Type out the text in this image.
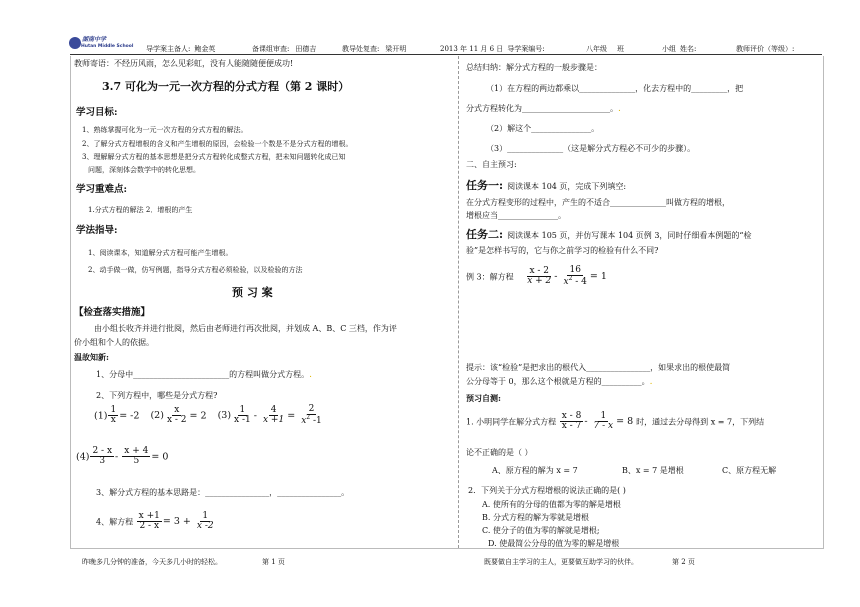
湖南中学
Hutan Middle School 导学案主备人: 鲍金英	备课组审查: 田德吉	教导处复查: 梁开明	2013 年 11 月 6 日 导学案编号:	八年级 班	小组 姓名:	教师评价（等级）:
教师寄语：不经历风雨，怎么见彩虹，没有人能随随便便成功!
3.7 可化为一元一次方程的分式方程（第 2 课时）
学习目标:
1、熟练掌握可化为一元一次方程的分式方程的解法。
2、了解分式方程增根的含义和产生增根的原因，会检验一个数是不是分式方程的增根。
3、理解解分式方程的基本思想是把分式方程转化成整式方程，把未知问题转化成已知
问题，深刻体会数学中的转化思想。
学习重难点:
1.分式方程的解法 2．增根的产生
学法指导:
1、阅读课本，知道解分式方程可能产生增根。
2、动手做一做，仿写例题，指导分式方程必须检验，以及检验的方法
预 习 案
【检查落实措施】
由小组长收齐并进行批阅，然后由老师进行再次批阅，并划成 A、B、C 三档，作为评
价小组和个人的依据。
温故知新:
1、分母中________________________的方程叫做分式方程。.
2、下列方程中，哪些是分式方程?
$(1) \frac{1}{x} = -2$ $(2) \frac{x}{x - 2} = 2$ $(3) \frac{1}{x -1} - \frac{4}{x +1} = \frac{2}{x^2 -1}$
$(4) \frac{2 - x}{3} - \frac{x + 4}{5} = 0$
3、解分式方程的基本思路是：________________，________________。
4、解方程 $\frac{x +1}{2 - x} = 3 + \frac{1}{x -2}$
昨晚多几分钟的准备，今天多几小时的轻松。	第 1 页
总结归纳：解分式方程的一般步骤是：
（1）在方程的两边都乘以______________，化去方程中的_________，把
分式方程转化为______________________。.
（2）解这个_______________。
（3）______________（这是解分式方程必不可少的步骤）。
二、自主预习:
任务一: 阅读课本 104 页，完成下列填空:
在分式方程变形的过程中，产生的不适合______________叫做方程的增根，
增根应当_______________。
任务二: 阅读课本 105 页，并仿写课本 104 页例 3，同时仔细看本例题的“检
验”是怎样书写的，它与你之前学习的检验有什么不同?
例 3：解方程 $\frac{x - 2}{x + 2} - \frac{16}{x^2 - 4} = 1$
提示：该“检验”是把求出的根代入________________，如果求出的根使最简
公分母等于 0，那么这个根就是方程的__________。.
预习自测:
1. 小明同学在解分式方程 $\frac{x - 8}{x - 7} - \frac{1}{7 - x} = 8$ 时，通过去分母得到 x = 7，下列结
论不正确的是（ ）
A、原方程的解为 x = 7	B、x = 7 是增根	C、原方程无解
2．下列关于分式方程增根的说法正确的是( )
A. 使所有的分母的值都为零的解是增根
B. 分式方程的解为零就是增根
C. 使分子的值为零的解就是增根;
D. 使最简公分母的值为零的解是增根
既要做自主学习的主人，更要做互助学习的伙伴。	第 2 页
